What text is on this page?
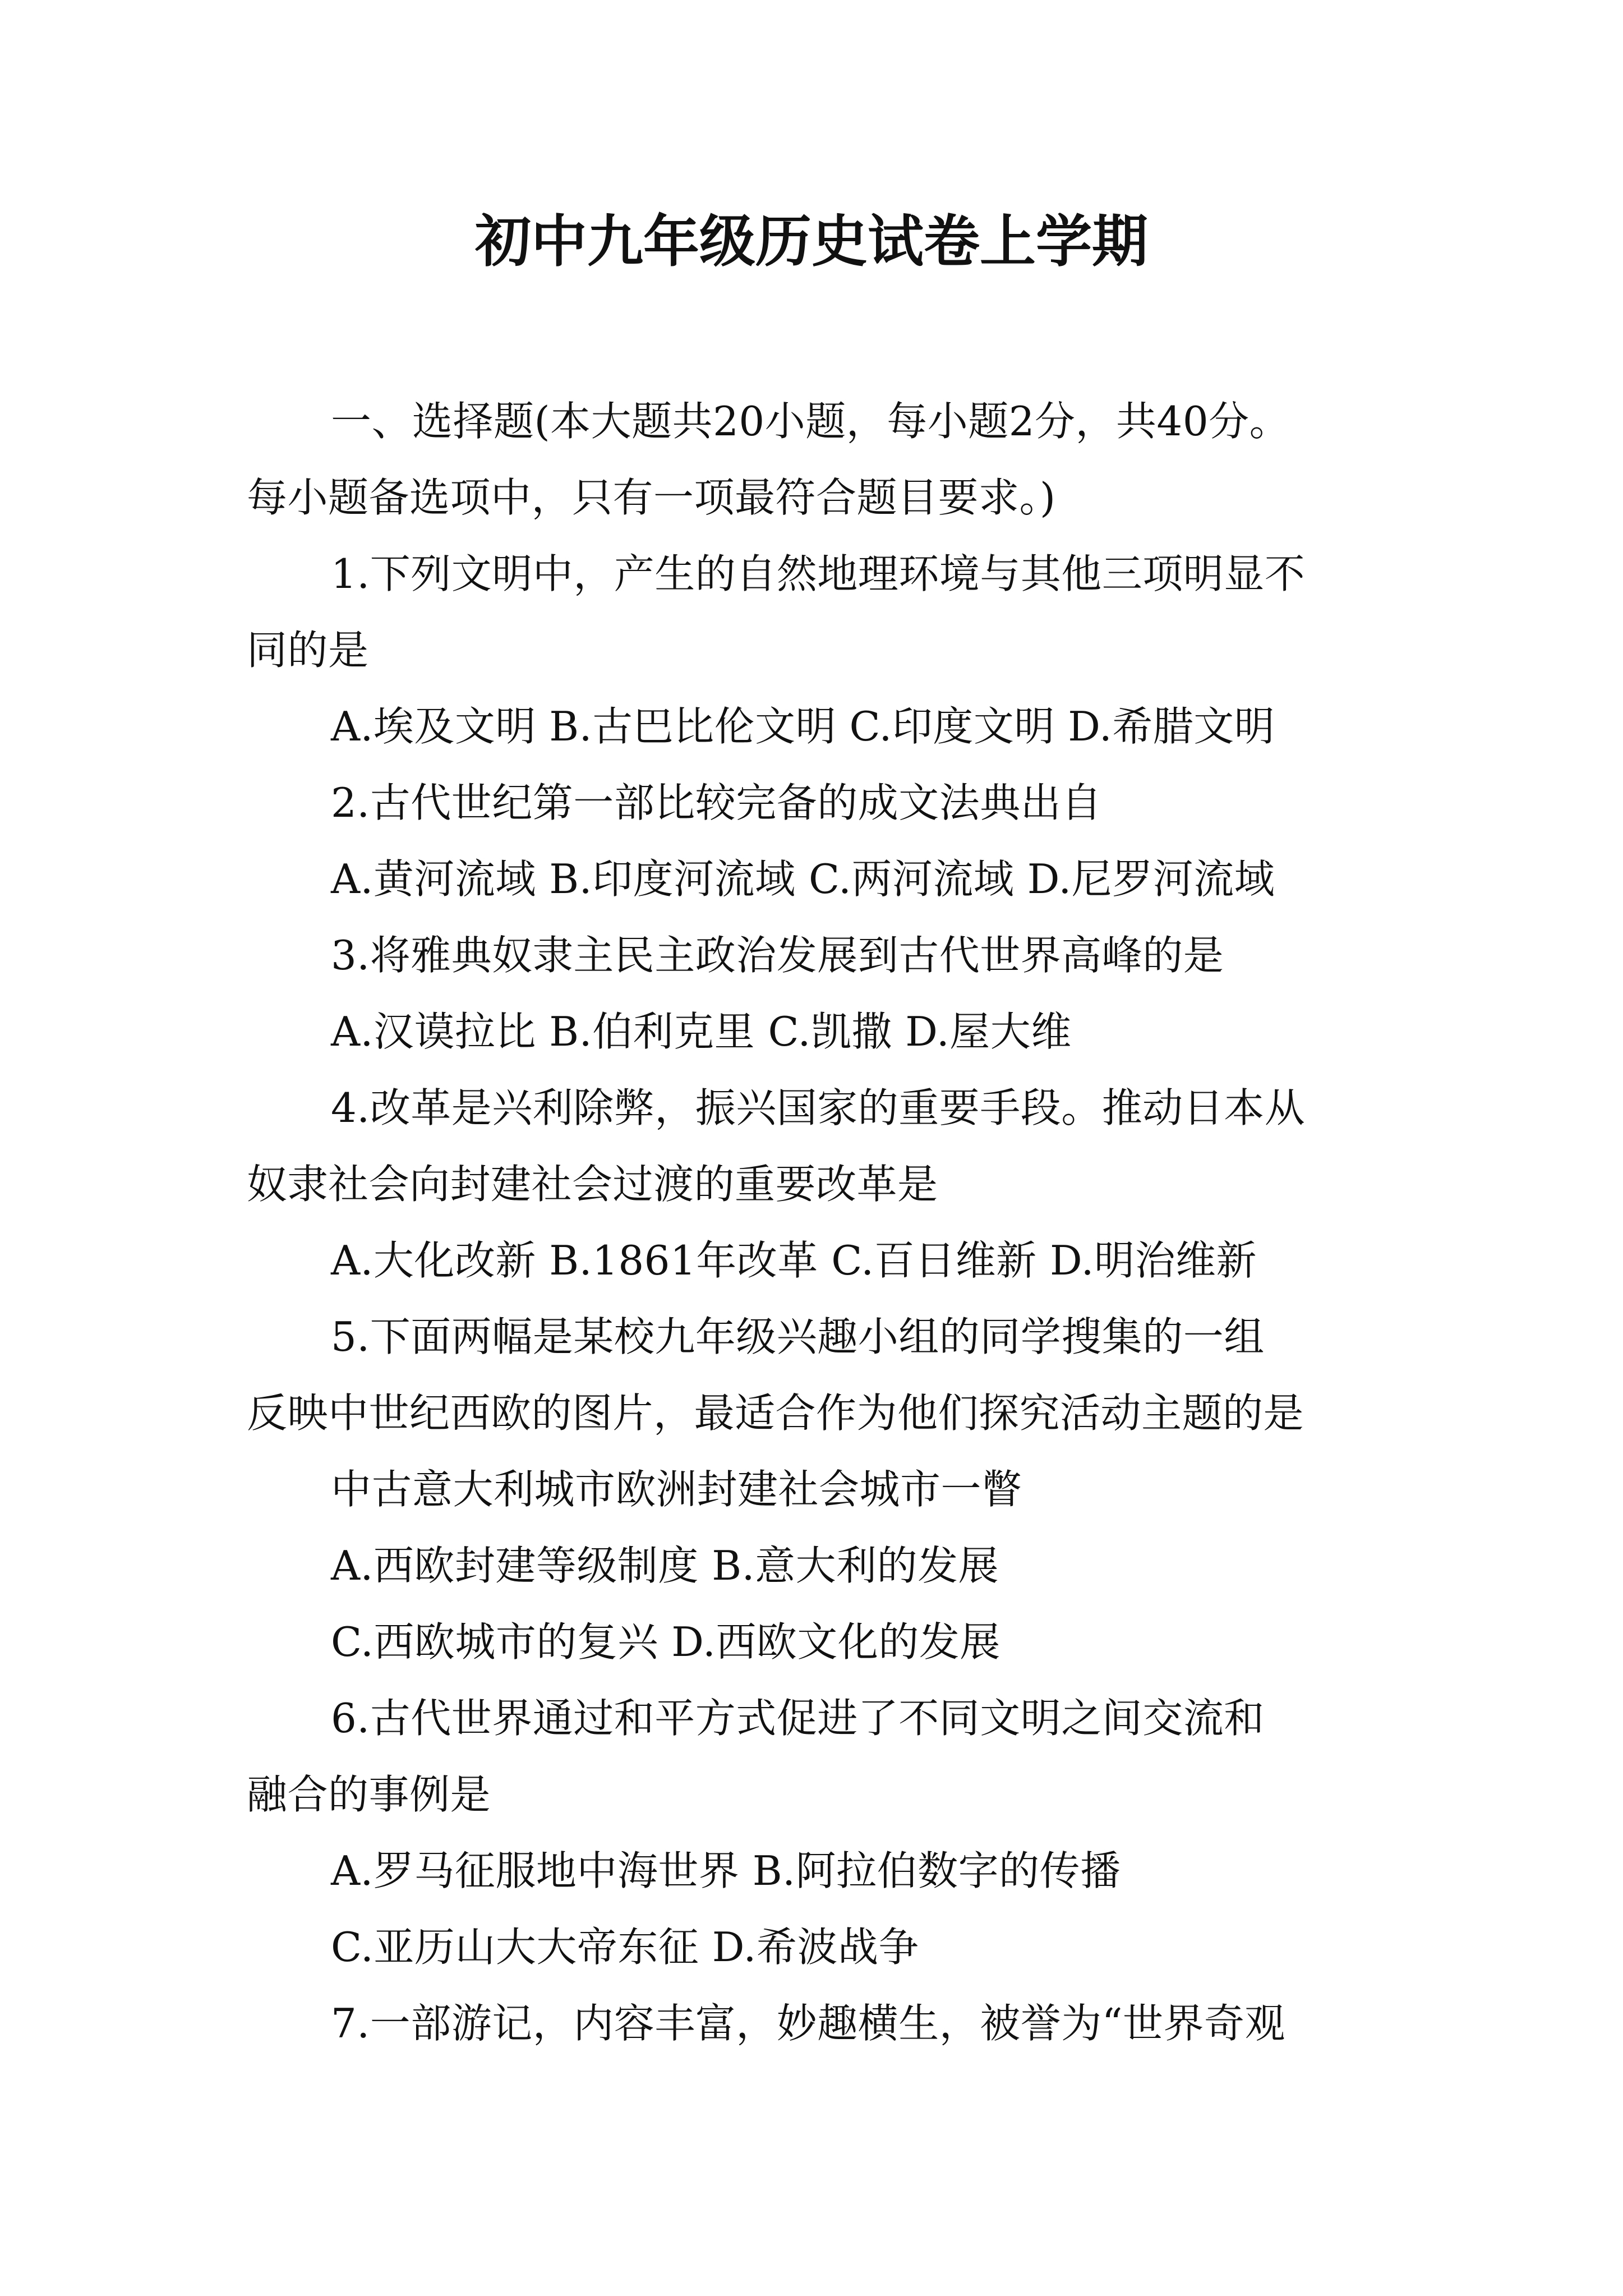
初中九年级历史试卷上学期
一、选择题(本大题共20小题，每小题2分，共40分。
每小题备选项中，只有一项最符合题目要求。)
1.下列文明中，产生的自然地理环境与其他三项明显不
同的是
A.埃及文明 B.古巴比伦文明 C.印度文明 D.希腊文明
2.古代世纪第一部比较完备的成文法典出自
A.黄河流域 B.印度河流域 C.两河流域 D.尼罗河流域
3.将雅典奴隶主民主政治发展到古代世界高峰的是
A.汉谟拉比 B.伯利克里 C.凯撒 D.屋大维
4.改革是兴利除弊，振兴国家的重要手段。推动日本从
奴隶社会向封建社会过渡的重要改革是
A.大化改新 B.1861年改革 C.百日维新 D.明治维新
5.下面两幅是某校九年级兴趣小组的同学搜集的一组
反映中世纪西欧的图片，最适合作为他们探究活动主题的是
中古意大利城市欧洲封建社会城市一瞥
A.西欧封建等级制度 B.意大利的发展
C.西欧城市的复兴 D.西欧文化的发展
6.古代世界通过和平方式促进了不同文明之间交流和
融合的事例是
A.罗马征服地中海世界 B.阿拉伯数字的传播
C.亚历山大大帝东征 D.希波战争
7.一部游记，内容丰富，妙趣横生，被誉为“世界奇观
